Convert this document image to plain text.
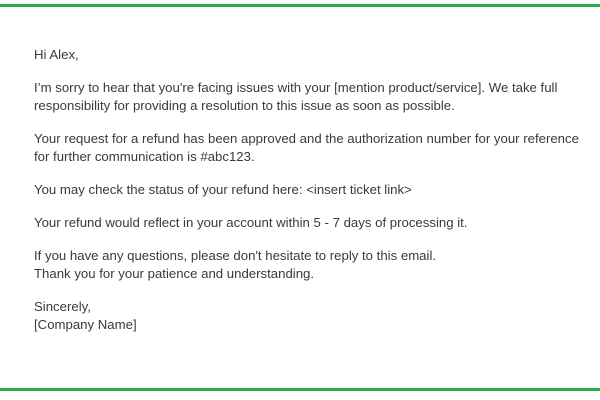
Hi Alex,

I’m sorry to hear that you're facing issues with your [mention product/service]. We take full responsibility for providing a resolution to this issue as soon as possible.

Your request for a refund has been approved and the authorization number for your reference for further communication is #abc123.

You may check the status of your refund here: <insert ticket link>

Your refund would reflect in your account within 5 - 7 days of processing it.

If you have any questions, please don't hesitate to reply to this email.
Thank you for your patience and understanding.

Sincerely,
[Company Name]
